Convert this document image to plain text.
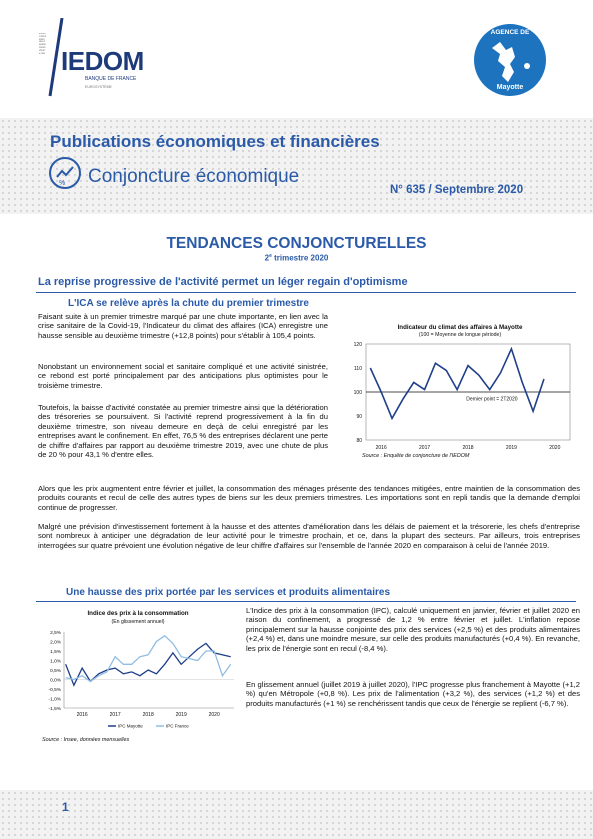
Institut d'émission des départements d'outre-mer IEDOM
BANQUE DE FRANCE
EUROSYSTÈME
AGENCE DE
Mayotte
Publications économiques et financières
% Conjoncture économique
N° 635 / Septembre 2020
TENDANCES CONJONCTURELLES
2e trimestre 2020
La reprise progressive de l'activité permet un léger regain d'optimisme
L'ICA se relève après la chute du premier trimestre
Faisant suite à un premier trimestre marqué par une chute importante, en lien avec la crise sanitaire de la Covid-19, l'Indicateur du climat des affaires (ICA) enregistre une hausse sensible au deuxième trimestre (+12,8 points) pour s'établir à 105,4 points.
Nonobstant un environnement social et sanitaire compliqué et une activité sinistrée, ce rebond est porté principalement par des anticipations plus optimistes pour le troisième trimestre.
Toutefois, la baisse d'activité constatée au premier trimestre ainsi que la détérioration des trésoreries se poursuivent. Si l'activité reprend progressivement à la fin du deuxième trimestre, son niveau demeure en deçà de celui enregistré par les entreprises avant le confinement. En effet, 76,5 % des entreprises déclarent une perte de chiffre d'affaires par rapport au deuxième trimestre 2019, avec une chute de plus de 20 % pour 43,1 % d'entre elles.
Indicateur du climat des affaires à Mayotte
(100 = Moyenne de longue période)
80
90
100
110
120
2016	2017	2018	2019	2020
Dernier point = 2T2020
Source : Enquête de conjoncture de l'IEDOM
Alors que les prix augmentent entre février et juillet, la consommation des ménages présente des tendances mitigées, entre maintien de la consommation des produits courants et recul de celle des autres types de biens sur les deux premiers trimestres. Les importations sont en repli tandis que la demande d'emploi continue de progresser.
Malgré une prévision d'investissement fortement à la hausse et des attentes d'amélioration dans les délais de paiement et la trésorerie, les chefs d'entreprise sont nombreux à anticiper une dégradation de leur activité pour le trimestre prochain, et ce, dans la plupart des secteurs. Par ailleurs, trois entreprises interrogées sur quatre prévoient une évolution négative de leur chiffre d'affaires sur l'ensemble de l'année 2020 en comparaison à celui de l'année 2019.
Une hausse des prix portée par les services et produits alimentaires
Indice des prix à la consommation
(En glissement annuel)
2,5%
2,0%
1,5%
1,0%
0,5%
0,0%
-0,5%
-1,0%
-1,5%
2016	2017	2018	2019	2020
IPC Mayotte	IPC France
Source : Insee, données mensuelles
L'Indice des prix à la consommation (IPC), calculé uniquement en janvier, février et juillet 2020 en raison du confinement, a progressé de 1,2 % entre février et juillet. L'inflation repose principalement sur la hausse conjointe des prix des services (+2,5 %) et des produits alimentaires (+2,4 %) et, dans une moindre mesure, sur celle des produits manufacturés (+0,4 %). En revanche, les prix de l'énergie sont en recul (-8,4 %).
En glissement annuel (juillet 2019 à juillet 2020), l'IPC progresse plus franchement à Mayotte (+1,2 %) qu'en Métropole (+0,8 %). Les prix de l'alimentation (+3,2 %), des services (+1,2 %) et des produits manufacturés (+1 %) se renchérissent tandis que ceux de l'énergie se replient (-6,7 %).
1
